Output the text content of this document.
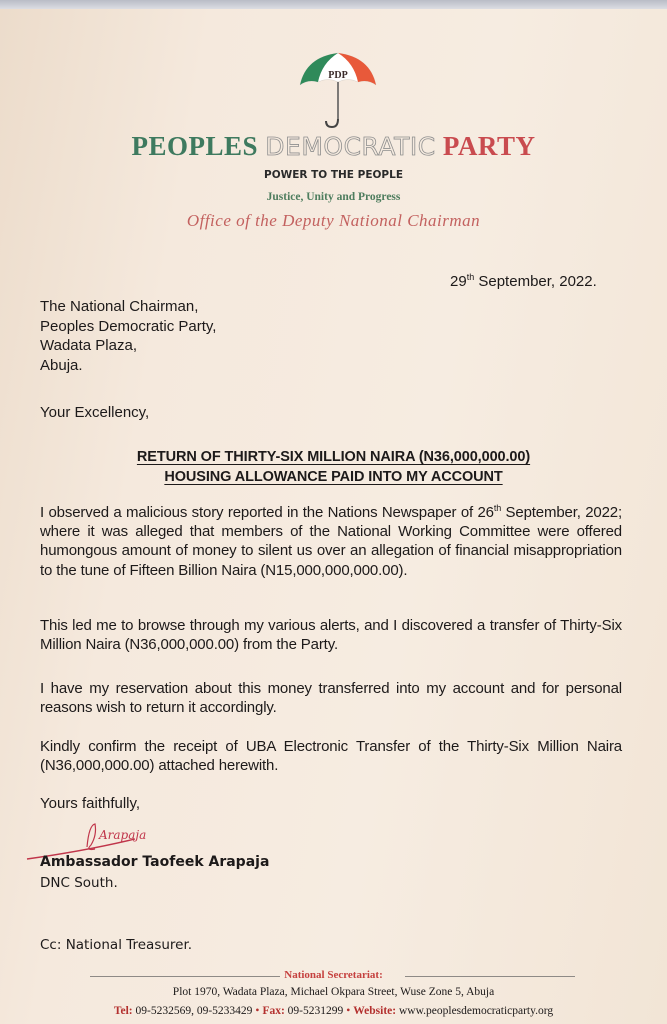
PDP
PEOPLES DEMOCRATIC PARTY
POWER TO THE PEOPLE
Justice, Unity and Progress
Office of the Deputy National Chairman
29th September, 2022.
The National Chairman,
Peoples Democratic Party,
Wadata Plaza,
Abuja.
Your Excellency,
RETURN OF THIRTY-SIX MILLION NAIRA (N36,000,000.00)
HOUSING ALLOWANCE PAID INTO MY ACCOUNT
I observed a malicious story reported in the Nations Newspaper of 26th September, 2022; where it was alleged that members of the National Working Committee were offered humongous amount of money to silent us over an allegation of financial misappropriation to the tune of Fifteen Billion Naira (N15,000,000,000.00).
This led me to browse through my various alerts, and I discovered a transfer of Thirty-Six Million Naira (N36,000,000.00) from the Party.
I have my reservation about this money transferred into my account and for personal reasons wish to return it accordingly.
Kindly confirm the receipt of UBA Electronic Transfer of the Thirty-Six Million Naira (N36,000,000.00) attached herewith.
Yours faithfully,
Arapaja
Ambassador Taofeek Arapaja
DNC South.
Cc: National Treasurer.
National Secretariat:
Plot 1970, Wadata Plaza, Michael Okpara Street, Wuse Zone 5, Abuja
Tel: 09-5232569, 09-5233429 • Fax: 09-5231299 • Website: www.peoplesdemocraticparty.org
